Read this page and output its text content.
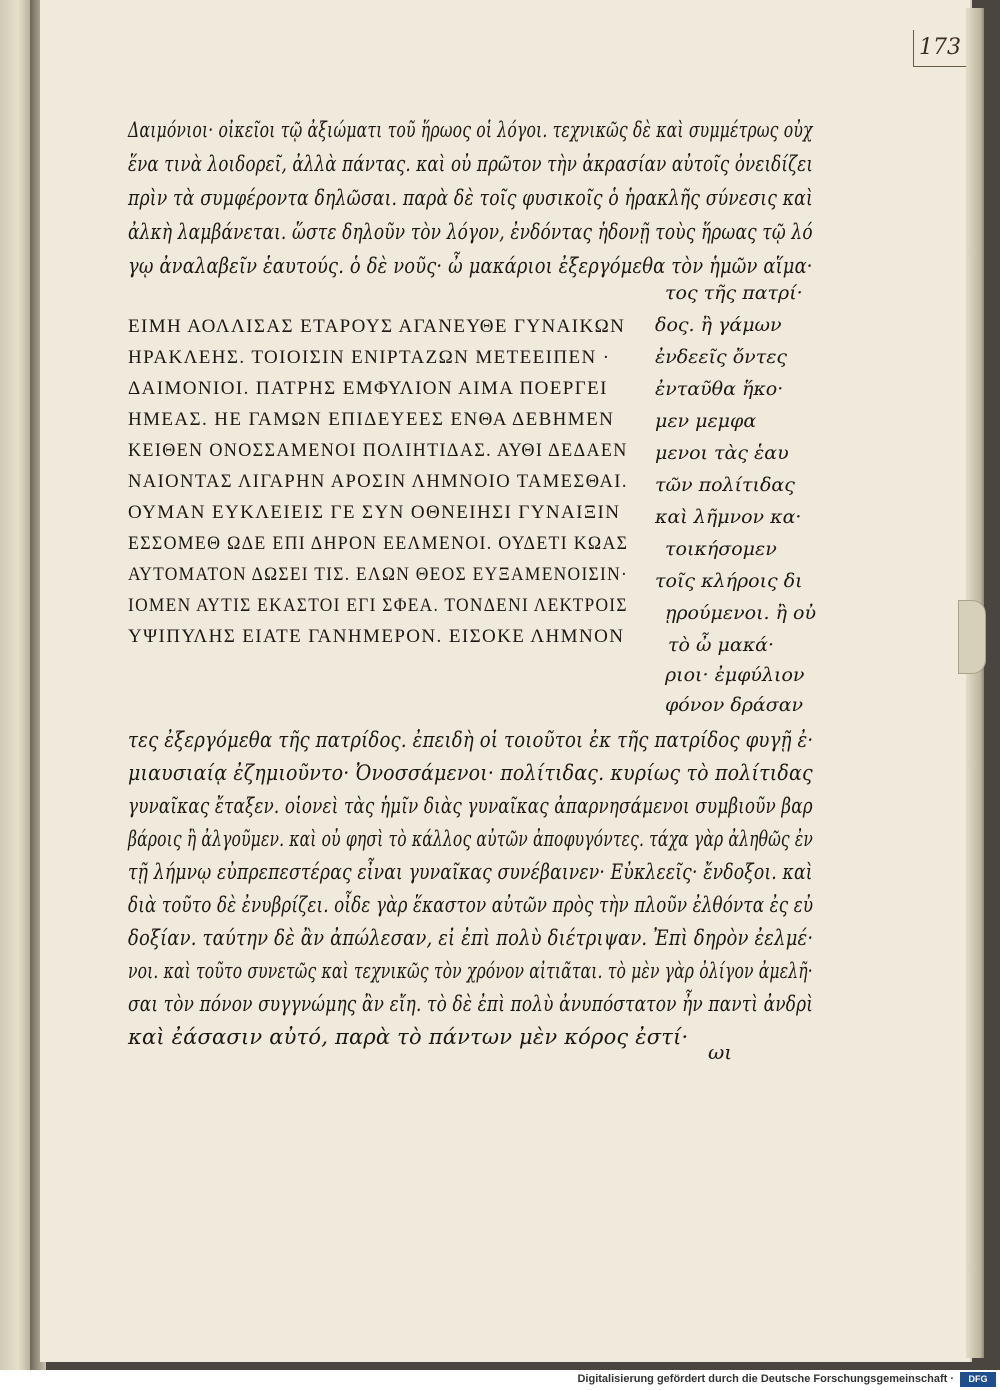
173
Δαιμόνιοι· οἰκεῖοι τῷ ἀξιώματι τοῦ ἥρωος οἱ λόγοι. τεχνικῶς δὲ καὶ συμμέτρως οὐχ
ἕνα τινὰ λοιδορεῖ, ἀλλὰ πάντας. καὶ οὐ πρῶτον τὴν ἀκρασίαν αὐτοῖς ὀνειδίζει
πρὶν τὰ συμφέροντα δηλῶσαι. παρὰ δὲ τοῖς φυσικοῖς ὁ ἡρακλῆς σύνεσις καὶ
ἀλκὴ λαμβάνεται. ὥστε δηλοῦν τὸν λόγον, ἐνδόντας ἡδονῇ τοὺς ἥρωας τῷ λό
γῳ ἀναλαβεῖν ἑαυτούς. ὁ δὲ νοῦς· ὦ μακάριοι ἐξεργόμεθα τὸν ἡμῶν αἵμα·
ΕΙΜΗ ΑΟΛΛΙΣΑΣ ΕΤΑΡΟΥΣ ΑΓΑΝΕΥΘΕ ΓΥΝΑΙΚΩΝ
ΗΡΑΚΛΕΗΣ. ΤΟΙΟΙΣΙΝ ΕΝΙΡΤΑΖΩΝ ΜΕΤΕΕΙΠΕΝ ·
ΔΑΙΜΟΝΙΟΙ. ΠΑΤΡΗΣ ΕΜΦΥΛΙΟΝ ΑΙΜΑ ΠΟΕΡΓΕΙ
ΗΜΕΑΣ. ΗΕ ΓΑΜΩΝ ΕΠΙΔΕΥΕΕΣ ΕΝΘΑ ΔΕΒΗΜΕΝ
ΚΕΙΘΕΝ ΟΝΟΣΣΑΜΕΝΟΙ ΠΟΛΙΗΤΙΔΑΣ. ΑΥΘΙ ΔΕΔΑΕΝ
ΝΑΙΟΝΤΑΣ ΛΙΓΑΡΗΝ ΑΡΟΣΙΝ ΛΗΜΝΟΙΟ ΤΑΜΕΣΘΑΙ.
ΟΥΜΑΝ ΕΥΚΛΕΙΕΙΣ ΓΕ ΣΥΝ ΟΘΝΕΙΗΣΙ ΓΥΝΑΙΞΙΝ
ΕΣΣΟΜΕΘ ΩΔΕ ΕΠΙ ΔΗΡΟΝ ΕΕΛΜΕΝΟΙ. ΟΥΔΕΤΙ ΚΩΑΣ
ΑΥΤΟΜΑΤΟΝ ΔΩΣΕΙ ΤΙΣ. ΕΛΩΝ ΘΕΟΣ ΕΥΞΑΜΕΝΟΙΣΙΝ·
ΙΟΜΕΝ ΑΥΤΙΣ ΕΚΑΣΤΟΙ ΕΓΙ ΣΦΕΑ. ΤΟΝΔΕΝΙ ΛΕΚΤΡΟΙΣ
ΥΨΙΠΥΛΗΣ ΕΙΑΤΕ ΓΑΝΗΜΕΡΟΝ. ΕΙΣΟΚΕ ΛΗΜΝΟΝ
τος τῆς πατρί·
δος. ἢ γάμων
ἐνδεεῖς ὄντες
ἐνταῦθα ἥκο·
μεν μεμφα
μενοι τὰς ἑαυ
τῶν πολίτιδας
καὶ λῆμνον κα·
τοικήσομεν
τοῖς κλήροις δι
ῃρούμενοι. ἢ οὐ
τὸ ὦ μακά·
ριοι· ἐμφύλιον
φόνον δράσαν
τες ἐξεργόμεθα τῆς πατρίδος. ἐπειδὴ οἱ τοιοῦτοι ἐκ τῆς πατρίδος φυγῇ ἐ·
μιαυσιαίᾳ ἐζημιοῦντο· Ὀνοσσάμενοι· πολίτιδας. κυρίως τὸ πολίτιδας
γυναῖκας ἔταξεν. οἱονεὶ τὰς ἡμῖν διὰς γυναῖκας ἀπαρνησάμενοι συμβιοῦν βαρ
βάροις ἢ ἀλγοῦμεν. καὶ οὐ φησὶ τὸ κάλλος αὐτῶν ἀποφυγόντες. τάχα γὰρ ἀληθῶς ἐν
τῇ λήμνῳ εὐπρεπεστέρας εἶναι γυναῖκας συνέβαινεν· Εὐκλεεῖς· ἔνδοξοι. καὶ
διὰ τοῦτο δὲ ἐνυβρίζει. οἶδε γὰρ ἕκαστον αὐτῶν πρὸς τὴν πλοῦν ἐλθόντα ἐς εὐ
δοξίαν. ταύτην δὲ ἂν ἀπώλεσαν, εἰ ἐπὶ πολὺ διέτριψαν. Ἐπὶ δηρὸν ἐελμέ·
νοι. καὶ τοῦτο συνετῶς καὶ τεχνικῶς τὸν χρόνον αἰτιᾶται. τὸ μὲν γὰρ ὀλίγον ἀμελῆ·
σαι τὸν πόνον συγγνώμης ἂν εἴη. τὸ δὲ ἐπὶ πολὺ ἀνυπόστατον ἦν παντὶ ἀνδρὶ
καὶ ἐάσασιν αὐτό, παρὰ τὸ πάντων μὲν κόρος ἐστί·
ωι
Digitalisierung gefördert durch die Deutsche Forschungsgemeinschaft ·	DFG
